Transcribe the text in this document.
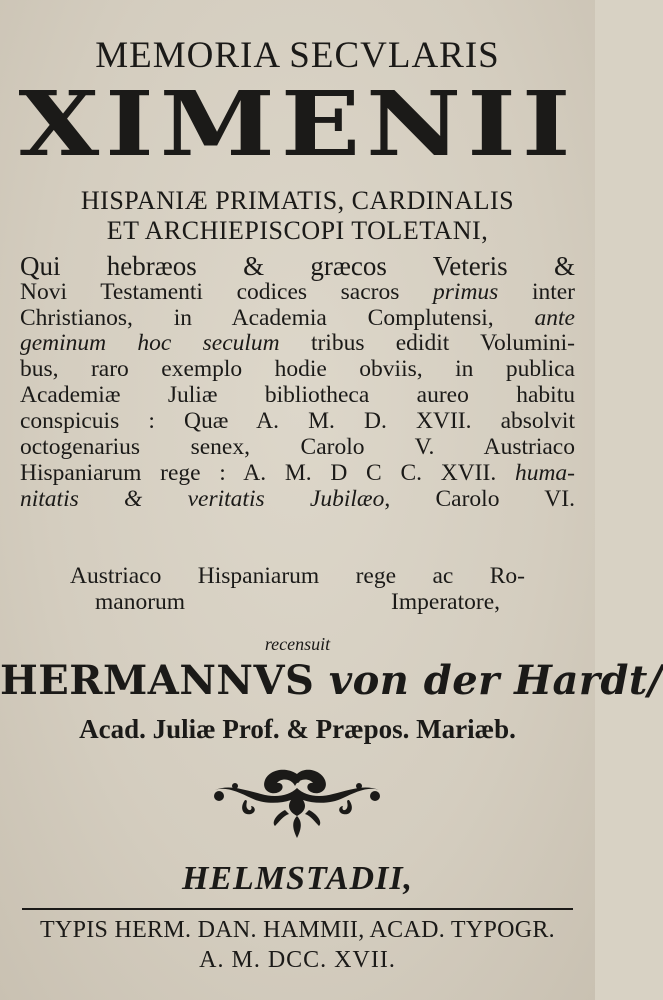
MEMORIA SECVLARIS
XIMENII
HISPANIÆ PRIMATIS, CARDINALIS
ET ARCHIEPISCOPI TOLETANI,
Qui hebræos & græcos Veteris &
Novi Testamenti codices sacros primus inter
Christianos, in Academia Complutensi, ante
geminum hoc seculum tribus edidit Volumini-
bus, raro exemplo hodie obviis, in publica
Academiæ Juliæ bibliotheca aureo habitu
conspicuis : Quæ A. M. D. XVII. absolvit
octogenarius senex, Carolo V. Austriaco
Hispaniarum rege : A. M. D C C. XVII. huma-
nitatis & veritatis Jubilæo, Carolo VI.
Austriaco Hispaniarum rege ac Ro-
manorum Imperatore,
recensuit
HERMANNVS von der Hardt/
Acad. Juliæ Prof. & Præpos. Mariæb.
HELMSTADII,
TYPIS HERM. DAN. HAMMII, ACAD. TYPOGR.
A. M. DCC. XVII.
